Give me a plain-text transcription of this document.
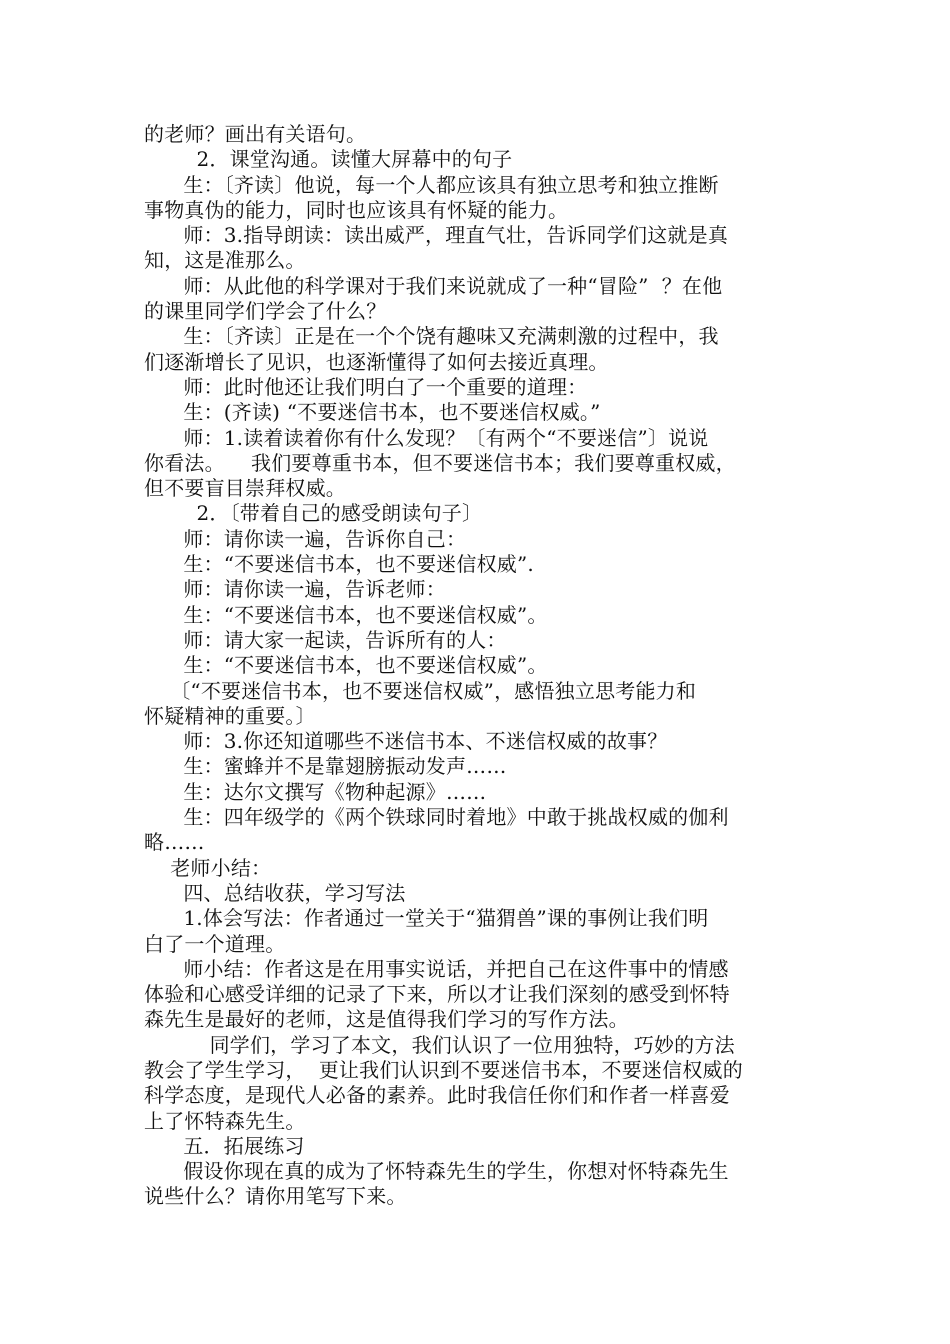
的老师？画出有关语句。
2．课堂沟通。读懂大屏幕中的句子
生：〔齐读〕他说，每一个人都应该具有独立思考和独立推断
事物真伪的能力，同时也应该具有怀疑的能力。
师：3.指导朗读：读出威严，理直气壮，告诉同学们这就是真
知，这是准那么。
师：从此他的科学课对于我们来说就成了一种“冒险”  ？在他
的课里同学们学会了什么？
生：〔齐读〕正是在一个个饶有趣味又充满刺激的过程中，我
们逐渐增长了见识，也逐渐懂得了如何去接近真理。
师：此时他还让我们明白了一个重要的道理：
生：(齐读) “不要迷信书本，也不要迷信权威。”
师：1.读着读着你有什么发现？〔有两个“不要迷信”〕说说
你看法。    我们要尊重书本，但不要迷信书本；我们要尊重权威，
但不要盲目崇拜权威。
2．〔带着自己的感受朗读句子〕
师：请你读一遍，告诉你自己：
生：“不要迷信书本，也不要迷信权威”.
师：请你读一遍，告诉老师：
生：“不要迷信书本，也不要迷信权威”。
师：请大家一起读，告诉所有的人：
生：“不要迷信书本，也不要迷信权威”。
〔“不要迷信书本，也不要迷信权威”，感悟独立思考能力和
怀疑精神的重要。〕
师：3.你还知道哪些不迷信书本、不迷信权威的故事？
生：蜜蜂并不是靠翅膀振动发声……
生：达尔文撰写《物种起源》……
生：四年级学的《两个铁球同时着地》中敢于挑战权威的伽利
略……
老师小结：
四、总结收获，学习写法
1.体会写法：作者通过一堂关于“猫猬兽”课的事例让我们明
白了一个道理。
师小结：作者这是在用事实说话，并把自己在这件事中的情感
体验和心感受详细的记录了下来，所以才让我们深刻的感受到怀特
森先生是最好的老师，这是值得我们学习的写作方法。
同学们，学习了本文，我们认识了一位用独特，巧妙的方法
教会了学生学习，  更让我们认识到不要迷信书本，不要迷信权威的
科学态度，是现代人必备的素养。此时我信任你们和作者一样喜爱
上了怀特森先生。
五．拓展练习
假设你现在真的成为了怀特森先生的学生，你想对怀特森先生
说些什么？请你用笔写下来。
